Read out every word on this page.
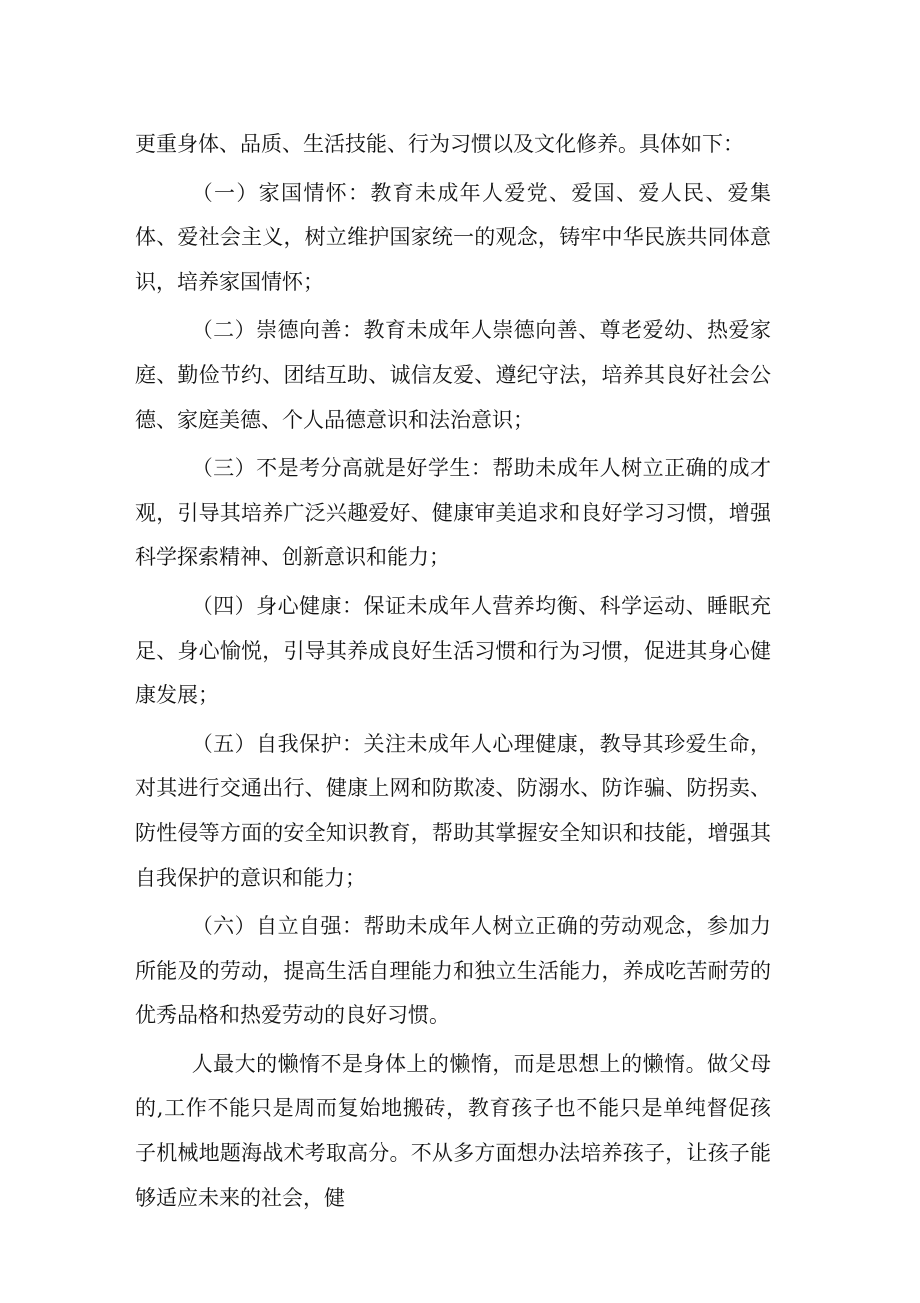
更重身体、品质、生活技能、行为习惯以及文化修养。具体如下：

（一）家国情怀：教育未成年人爱党、爱国、爱人民、爱集体、爱社会主义，树立维护国家统一的观念，铸牢中华民族共同体意识，培养家国情怀；

（二）崇德向善：教育未成年人崇德向善、尊老爱幼、热爱家庭、勤俭节约、团结互助、诚信友爱、遵纪守法，培养其良好社会公德、家庭美德、个人品德意识和法治意识；

（三）不是考分高就是好学生：帮助未成年人树立正确的成才观，引导其培养广泛兴趣爱好、健康审美追求和良好学习习惯，增强科学探索精神、创新意识和能力；

（四）身心健康：保证未成年人营养均衡、科学运动、睡眠充足、身心愉悦，引导其养成良好生活习惯和行为习惯，促进其身心健康发展；

（五）自我保护：关注未成年人心理健康，教导其珍爱生命，对其进行交通出行、健康上网和防欺凌、防溺水、防诈骗、防拐卖、防性侵等方面的安全知识教育，帮助其掌握安全知识和技能，增强其自我保护的意识和能力；

（六）自立自强：帮助未成年人树立正确的劳动观念，参加力所能及的劳动，提高生活自理能力和独立生活能力，养成吃苦耐劳的优秀品格和热爱劳动的良好习惯。

人最大的懒惰不是身体上的懒惰，而是思想上的懒惰。做父母的,工作不能只是周而复始地搬砖，教育孩子也不能只是单纯督促孩子机械地题海战术考取高分。不从多方面想办法培养孩子，让孩子能够适应未来的社会，健
